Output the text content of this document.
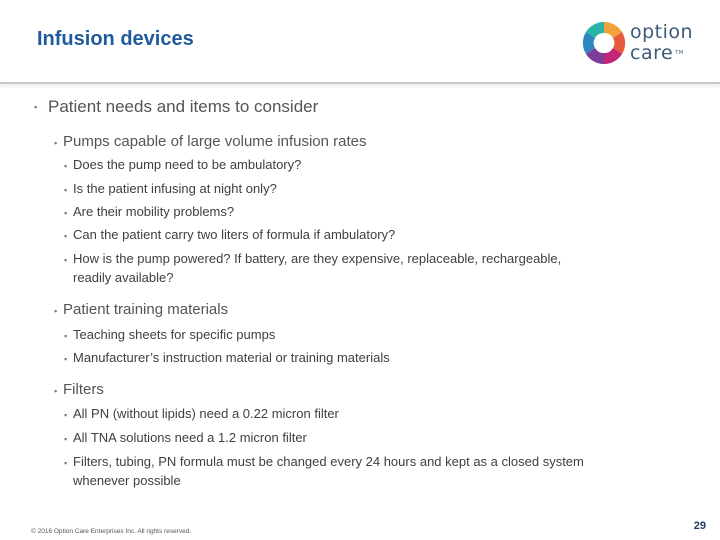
Infusion devices	option
care ™
▪ Patient needs and items to consider
▪ Pumps capable of large volume infusion rates
▪ Does the pump need to be ambulatory?
▪ Is the patient infusing at night only?
▪ Are their mobility problems?
▪ Can the patient carry two liters of formula if ambulatory?
▪ How is the pump powered? If battery, are they expensive, replaceable, rechargeable,
readily available?
▪ Patient training materials
▪ Teaching sheets for specific pumps
▪ Manufacturer’s instruction material or training materials
▪ Filters
▪ All PN (without lipids) need a 0.22 micron filter
▪ All TNA solutions need a 1.2 micron filter
▪ Filters, tubing, PN formula must be changed every 24 hours and kept as a closed system
whenever possible
© 2016 Option Care Enterprises Inc. All rights reserved.	29
